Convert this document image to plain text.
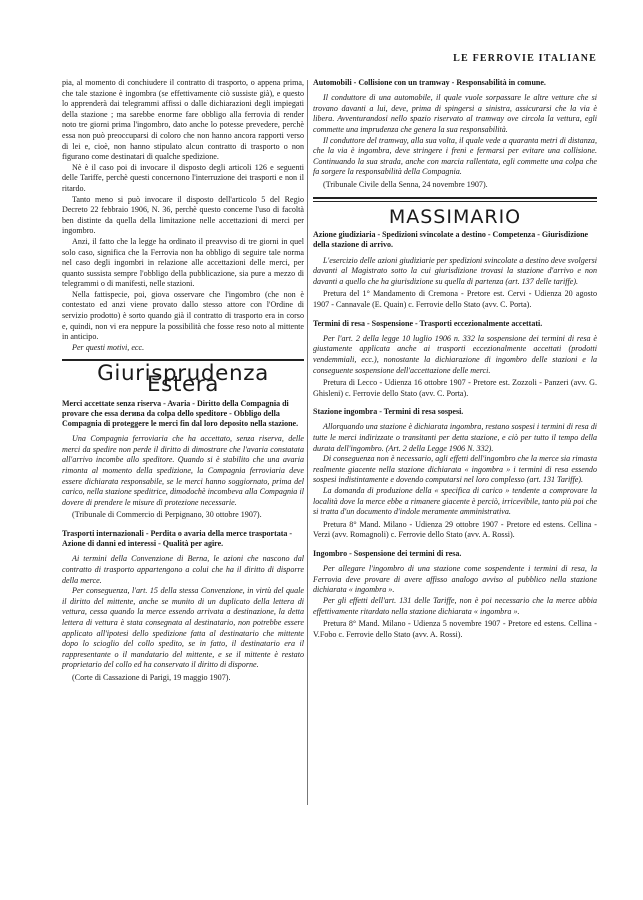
LE FERROVIE ITALIANE

pia, al momento di conchiudere il contratto di trasporto, o appena prima, che tale stazione è ingombra (se effettivamente ciò sussiste già), e questo lo apprenderà dai telegrammi affissi o dalle dichiarazioni degli impiegati della stazione ; ma sarebbe enorme fare obbligo alla ferrovia di render noto tre giorni prima l'ingombro, dato anche lo potesse prevedere, perchè essa non può preoccuparsi di coloro che non hanno ancora rapporti verso di lei e, cioè, non hanno stipulato alcun contratto di trasporto o non figurano come destinatari di qualche spedizione.

Nè è il caso poi di invocare il disposto degli articoli 126 e seguenti delle Tariffe, perchè questi concernono l'interruzione dei trasporti e non il ritardo.

Tanto meno si può invocare il disposto dell'articolo 5 del Regio Decreto 22 febbraio 1906, N. 36, perchè questo concerne l'uso di facoltà ben distinte da quella della limitazione nelle accettazioni di merci per ingombro.

Anzi, il fatto che la legge ha ordinato il preavviso di tre giorni in quel solo caso, significa che la Ferrovia non ha obbligo di seguire tale norma nel caso degli ingombri in relazione alle accettazioni delle merci, per quanto sussista sempre l'obbligo della pubblicazione, sia pure a mezzo di telegrammi o di manifesti, nelle stazioni.

Nella fattispecie, poi, giova osservare che l'ingombro (che non è contestato ed anzi viene provato dallo stesso attore con l'Ordine di servizio prodotto) è sorto quando già il contratto di trasporto era in corso e, quindi, non vi era neppure la possibilità che fosse reso noto al mittente in anticipo.

Per questi motivi, ecc.

Giurisprudenza Estera
Merci accettate senza riserva - Avaria - Diritto della Compagnia di provare che essa derива da colpa dello speditore - Obbligo della Compagnia di proteggere le merci fin dal loro deposito nella stazione.

Una Compagnia ferroviaria che ha accettato, senza riserva, delle merci da spedire non perde il diritto di dimostrare che l'avaria constatata all'arrivo incombe allo speditore. Quando si è stabilito che una avaria rimonta al momento della spedizione, la Compagnia ferroviaria deve essere dichiarata responsabile, se le merci hanno soggiornato, prima del carico, nella stazione speditrice, dimodochè incombeva alla Compagnia il dovere di prendere le misure di protezione necessarie.

(Tribunale di Commercio di Perpignano, 30 ottobre 1907).

Trasporti internazionali - Perdita o avaria della merce trasportata - Azione di danni ed interessi - Qualità per agire.

Ai termini della Convenzione di Berna, le azioni che nascono dal contratto di trasporto appartengono a colui che ha il diritto di disporre della merce.

Per conseguenza, l'art. 15 della stessa Convenzione, in virtù del quale il diritto del mittente, anche se munito di un duplicato della lettera di vettura, cessa quando la merce essendo arrivata a destinazione, la detta lettera di vettura è stata consegnata al destinatario, non potrebbe essere applicato all'ipotesi dello spedizione fatta al destinatario che mittente dopo lo scioglio del collo spedito, se in fatto, il destinatario era il rappresentante o il mandatario del mittente, e se il mittente è restato proprietario del collo ed ha conservato il diritto di disporne.

(Corte di Cassazione di Parigi, 19 maggio 1907).

Automobili - Collisione con un tramway - Responsabilità in comune.

Il conduttore di una automobile, il quale vuole sorpassare le altre vetture che si trovano davanti a lui, deve, prima di spingersi a sinistra, assicurarsi che la via è libera. Avventurandosi nello spazio riservato al tramway ove circola la vettura, egli commette una imprudenza che genera la sua responsabilità.

Il conduttore del tramway, alla sua volta, il quale vede a quaranta metri di distanza, che la via è ingombra, deve stringere i freni e fermarsi per evitare una collisione. Continuando la sua strada, anche con marcia rallentata, egli commette una colpa che fa sorgere la responsabilità della Compagnia.

(Tribunale Civile della Senna, 24 novembre 1907).

MASSIMARIO
Azione giudiziaria - Spedizioni svincolate a destino - Competenza - Giurisdizione della stazione di arrivo.

L'esercizio delle azioni giudiziarie per spedizioni svincolate a destino deve svolgersi davanti al Magistrato sotto la cui giurisdizione trovasi la stazione d'arrivo e non davanti a quello che ha giurisdizione su quella di partenza (art. 137 delle tariffe).

Pretura del 1° Mandamento di Cremona - Pretore est. Cervi - Udienza 20 agosto 1907 - Cannavale (E. Quain) c. Ferrovie dello Stato (avv. C. Porta).

Termini di resa - Sospensione - Trasporti eccezionalmente accettati.

Per l'art. 2 della legge 10 luglio 1906 n. 332 la sospensione dei termini di resa è giustamente applicata anche ai trasporti eccezionalmente accettati (prodotti vendemmiali, ecc.), nonostante la dichiarazione di ingombro delle stazioni e la conseguente sospensione dell'accettazione delle merci.

Pretura di Lecco - Udienza 16 ottobre 1907 - Pretore est. Zozzoli - Panzeri (avv. G. Ghisleni) c. Ferrovie dello Stato (avv. C. Porta).

Stazione ingombra - Termini di resa sospesi.

Allorquando una stazione è dichiarata ingombra, restano sospesi i termini di resa di tutte le merci indirizzate o transitanti per detta stazione, e ciò per tutto il tempo della durata dell'ingombro. (Art. 2 della Legge 1906 N. 332).

Di conseguenza non è necessario, agli effetti dell'ingombro che la merce sia rimasta realmente giacente nella stazione dichiarata « ingombra » i termini di resa essendo sospesi indistintamente e dovendo computarsi nel loro complesso (art. 131 Tariffe).

La domanda di produzione della « specifica di carico » tendente a comprovare la località dove la merce ebbe a rimanere giacente è perciò, irricevibile, tanto più poi che si tratta d'un documento d'indole meramente amministrativa.

Pretura 8° Mand. Milano - Udienza 29 ottobre 1907 - Pretore ed estens. Cellina - Verzi (avv. Romagnoli) c. Ferrovie dello Stato (avv. A. Rossi).

Ingombro - Sospensione dei termini di resa.

Per allegare l'ingombro di una stazione come sospendente i termini di resa, la Ferrovia deve provare di avere affisso analogo avviso al pubblico nella stazione dichiarata « ingombra ».

Per gli effetti dell'art. 131 delle Tariffe, non è poi necessario che la merce abbia effettivamente ritardato nella stazione dichiarata « ingombra ».

Pretura 8° Mand. Milano - Udienza 5 novembre 1907 - Pretore ed estens. Cellina - V.Fobo c. Ferrovie dello Stato (avv. A. Rossi).
